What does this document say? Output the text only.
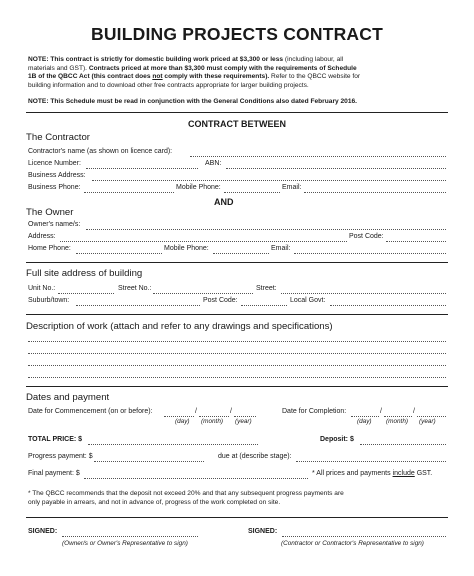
BUILDING PROJECTS CONTRACT
NOTE: This contract is strictly for domestic building work priced at $3,300 or less (including labour, all
materials and GST). Contracts priced at more than $3,300 must comply with the requirements of Schedule
1B of the QBCC Act (this contract does not comply with these requirements). Refer to the QBCC website for
building information and to download other free contracts appropriate for larger building projects.
NOTE: This Schedule must be read in conjunction with the General Conditions also dated February 2016.
CONTRACT BETWEEN
The Contractor
Contractor's name (as shown on licence card):
Licence Number:	ABN:
Business Address:
Business Phone:	Mobile Phone:	Email:
AND
The Owner
Owner's name/s:
Address:	Post Code:
Home Phone:	Mobile Phone:	Email:
Full site address of building
Unit No.:	Street No.:	Street:
Suburb/town:	Post Code:	Local Govt:
Description of work (attach and refer to any drawings and specifications)
Dates and payment
Date for Commencement (on or before):	/	/
(day) (month) (year)
Date for Completion:	/	/
(day) (month) (year)
TOTAL PRICE: $	Deposit: $
Progress payment: $	due at (describe stage):
Final payment: $	* All prices and payments include GST.
* The QBCC recommends that the deposit not exceed 20% and that any subsequent progress payments are
only payable in arrears, and not in advance of, progress of the work completed on site.
SIGNED:
(Owner/s or Owner's Representative to sign)
SIGNED:
(Contractor or Contractor's Representative to sign)
